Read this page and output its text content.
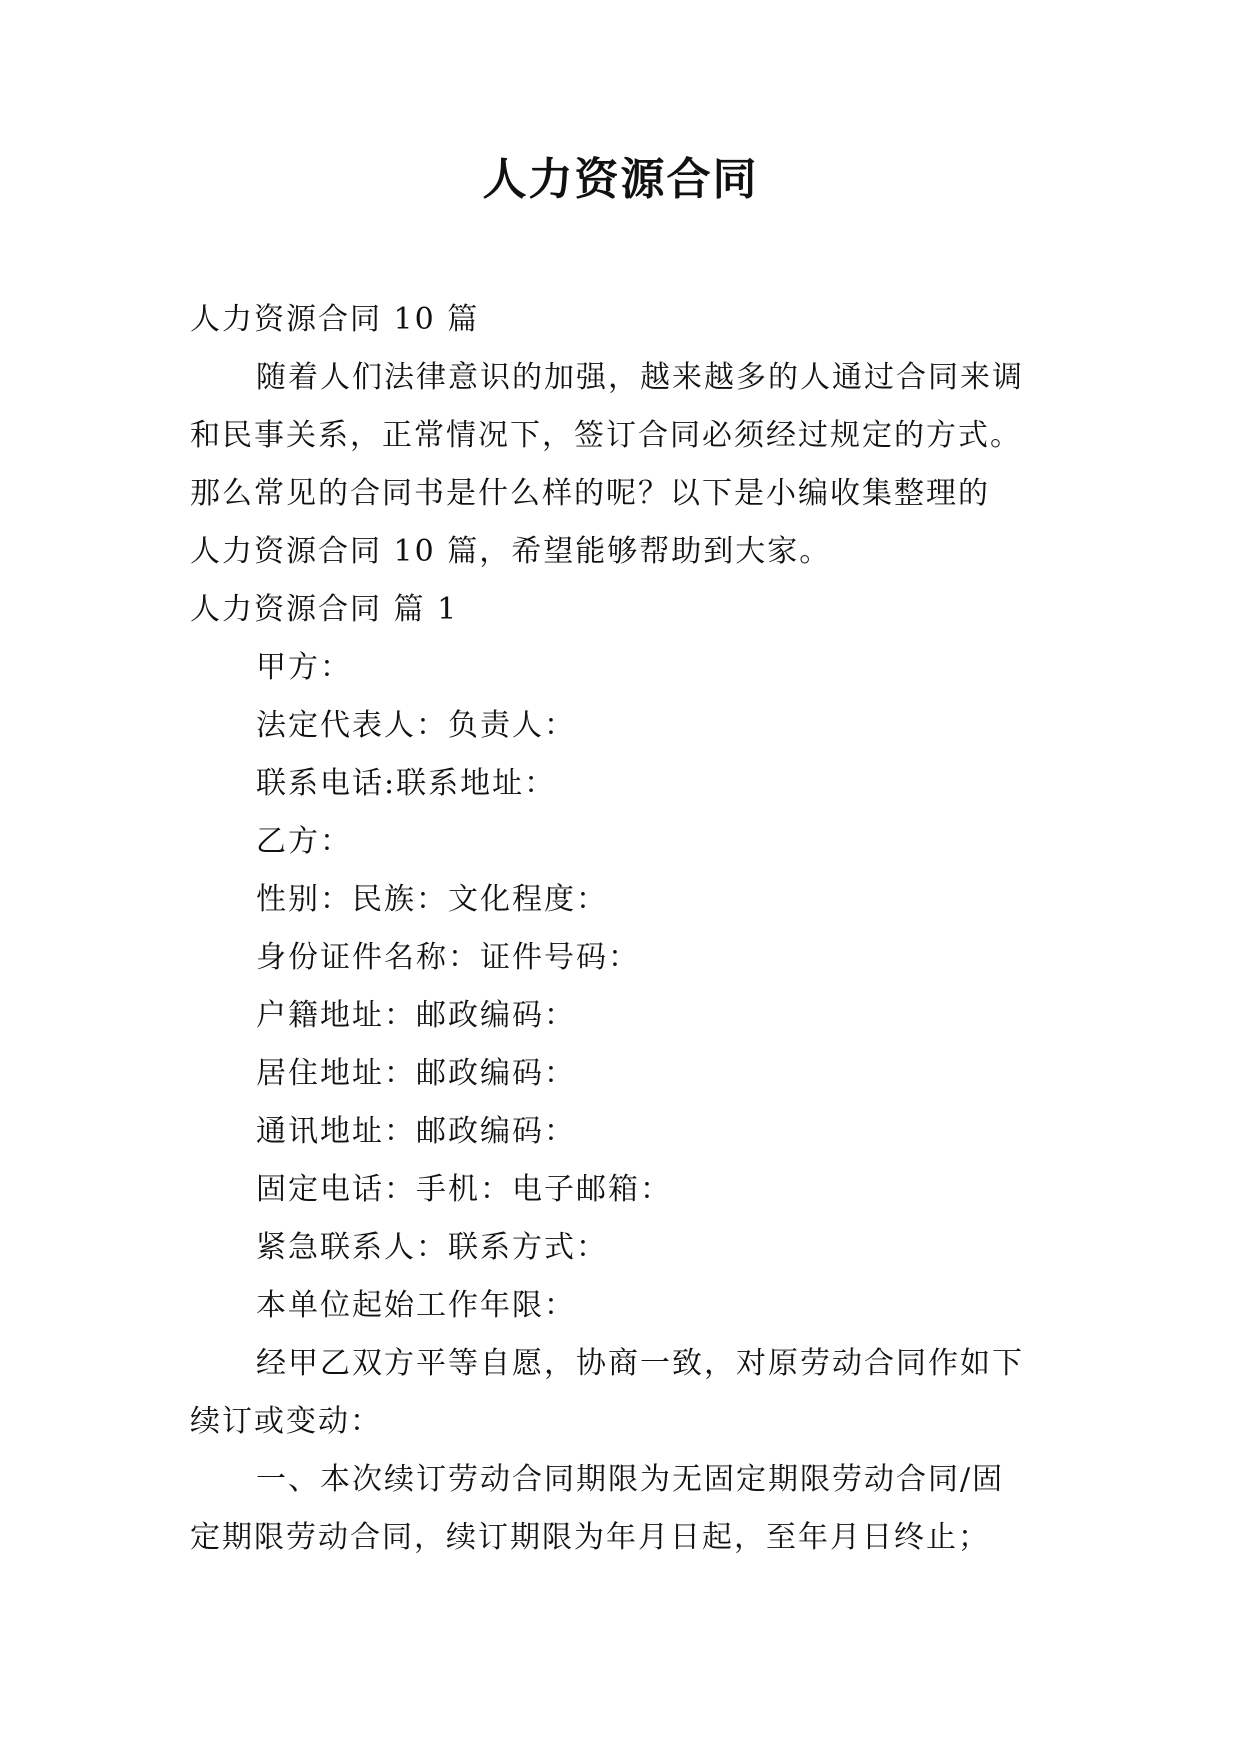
人力资源合同
人力资源合同 10 篇
随着人们法律意识的加强，越来越多的人通过合同来调
和民事关系，正常情况下，签订合同必须经过规定的方式。
那么常见的合同书是什么样的呢？以下是小编收集整理的
人力资源合同 10 篇，希望能够帮助到大家。
人力资源合同 篇 1
甲方：
法定代表人：负责人：
联系电话:联系地址：
乙方：
性别：民族：文化程度：
身份证件名称：证件号码：
户籍地址：邮政编码：
居住地址：邮政编码：
通讯地址：邮政编码：
固定电话：手机：电子邮箱：
紧急联系人：联系方式：
本单位起始工作年限：
经甲乙双方平等自愿，协商一致，对原劳动合同作如下
续订或变动：
一、本次续订劳动合同期限为无固定期限劳动合同/固
定期限劳动合同，续订期限为年月日起，至年月日终止；
